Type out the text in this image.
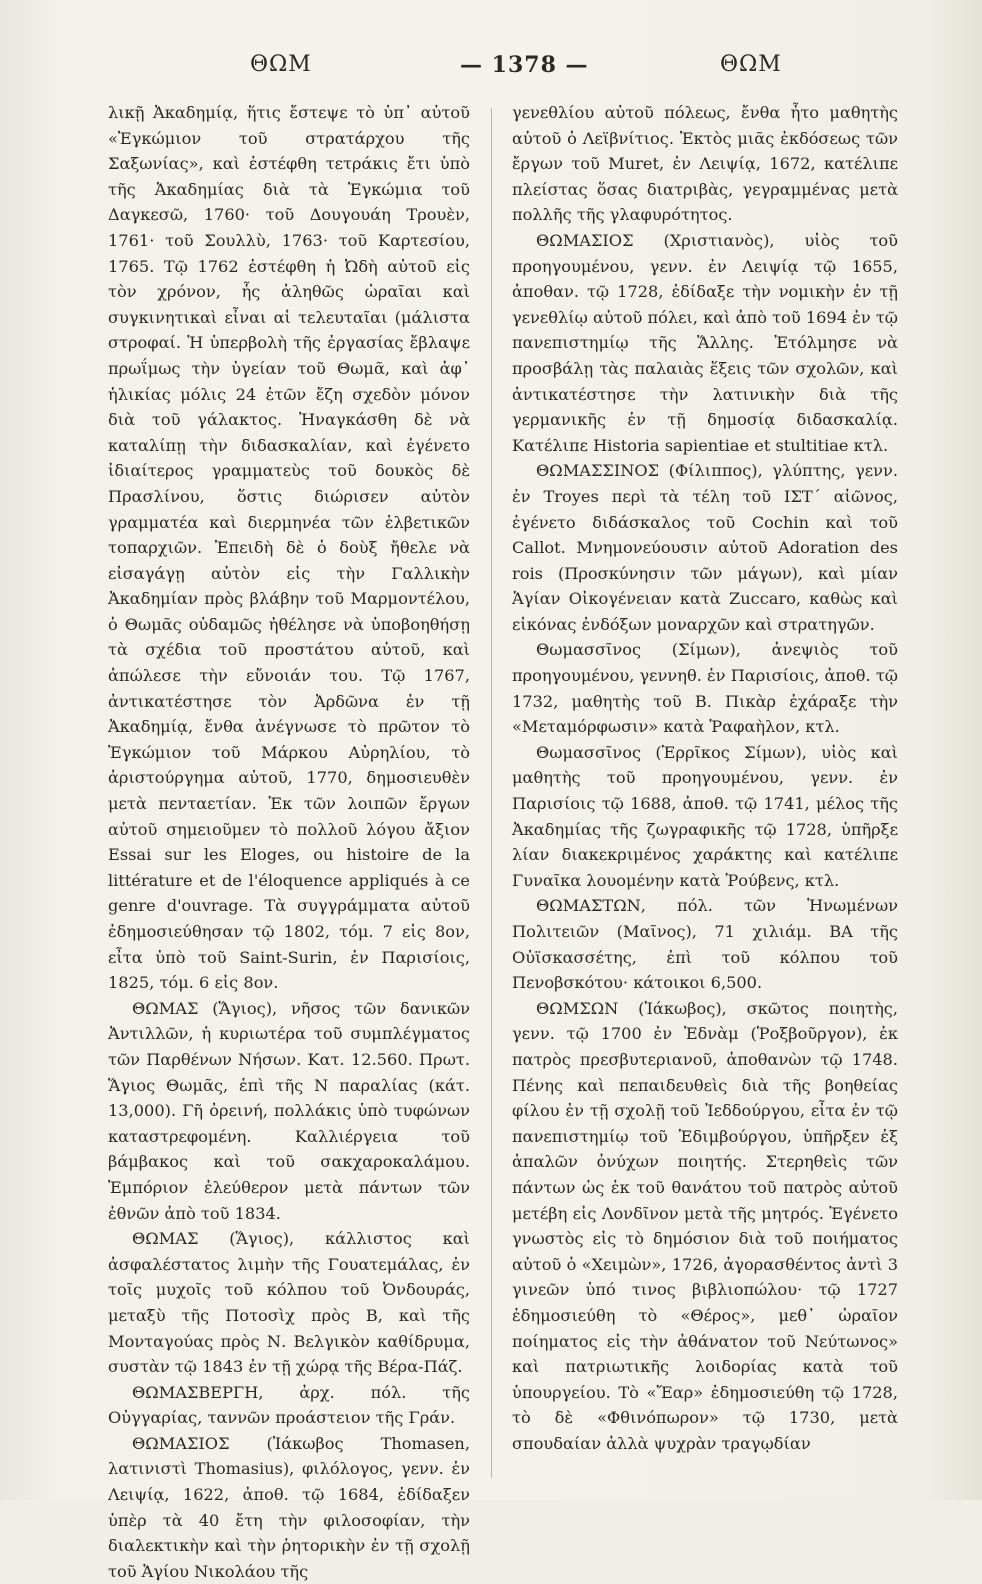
ΘΩΜ	— 1378 —	ΘΩΜ

λικῇ Ἀκαδημίᾳ, ἥτις ἔστεψε τὸ ὑπ᾽ αὐτοῦ «Ἐγκώμιον τοῦ στρατάρχου τῆς Σαξωνίας», καὶ ἐστέφθη τετράκις ἔτι ὑπὸ τῆς Ἀκαδημίας διὰ τὰ Ἐγκώμια τοῦ Δαγκεσῶ, 1760· τοῦ Δουγουάη Τρουὲν, 1761· τοῦ Σουλλὺ, 1763· τοῦ Καρτεσίου, 1765. Τῷ 1762 ἐστέφθη ἡ Ὠδὴ αὐτοῦ εἰς τὸν χρόνον, ἧς ἀληθῶς ὡραῖαι καὶ συγκινητικαὶ εἶναι αἱ τελευταῖαι (μάλιστα στροφαί. Ἡ ὑπερβολὴ τῆς ἐργασίας ἔβλαψε πρωΐμως τὴν ὑγείαν τοῦ Θωμᾶ, καὶ ἀφ᾽ ἡλικίας μόλις 24 ἐτῶν ἔζη σχεδὸν μόνον διὰ τοῦ γάλακτος. Ἠναγκάσθη δὲ νὰ καταλίπῃ τὴν διδασκαλίαν, καὶ ἐγένετο ἰδιαίτερος γραμματεὺς τοῦ δουκὸς δὲ Πρασλίνου, ὅστις διώρισεν αὐτὸν γραμματέα καὶ διερμηνέα τῶν ἑλβετικῶν τοπαρχιῶν. Ἐπειδὴ δὲ ὁ δοὺξ ἤθελε νὰ εἰσαγάγῃ αὐτὸν εἰς τὴν Γαλλικὴν Ἀκαδημίαν πρὸς βλάβην τοῦ Μαρμοντέλου, ὁ Θωμᾶς οὐδαμῶς ἠθέλησε νὰ ὑποβοηθήσῃ τὰ σχέδια τοῦ προστάτου αὐτοῦ, καὶ ἀπώλεσε τὴν εὔνοιάν του. Τῷ 1767, ἀντικατέστησε τὸν Ἀρδῶνα ἐν τῇ Ἀκαδημίᾳ, ἔνθα ἀνέγνωσε τὸ πρῶτον τὸ Ἐγκώμιον τοῦ Μάρκου Αὐρηλίου, τὸ ἀριστούργημα αὐτοῦ, 1770, δημοσιευθὲν μετὰ πενταετίαν. Ἐκ τῶν λοιπῶν ἔργων αὐτοῦ σημειοῦμεν τὸ πολλοῦ λόγου ἄξιον Essai sur les Eloges, ou histoire de la littérature et de l'éloquence appliqués à ce genre d'ouvrage. Τὰ συγγράμματα αὐτοῦ ἐδημοσιεύθησαν τῷ 1802, τόμ. 7 εἰς 8ον, εἶτα ὑπὸ τοῦ Saint-Surin, ἐν Παρισίοις, 1825, τόμ. 6 εἰς 8ον.

ΘΩΜΑΣ (Ἅγιος), νῆσος τῶν δανικῶν Ἀντιλλῶν, ἡ κυριωτέρα τοῦ συμπλέγματος τῶν Παρθένων Νήσων. Κατ. 12.560. Πρωτ. Ἅγιος Θωμᾶς, ἐπὶ τῆς Ν παραλίας (κάτ. 13,000). Γῆ ὀρεινή, πολλάκις ὑπὸ τυφώνων καταστρεφομένη. Καλλιέργεια τοῦ βάμβακος καὶ τοῦ σακχαροκαλάμου. Ἐμπόριον ἐλεύθερον μετὰ πάντων τῶν ἐθνῶν ἀπὸ τοῦ 1834.

ΘΩΜΑΣ (Ἅγιος), κάλλιστος καὶ ἀσφαλέστατος λιμὴν τῆς Γουατεμάλας, ἐν τοῖς μυχοῖς τοῦ κόλπου τοῦ Ὀνδουράς, μεταξὺ τῆς Ποτοσὶχ πρὸς Β, καὶ τῆς Μονταγούας πρὸς Ν. Βελγικὸν καθίδρυμα, συστὰν τῷ 1843 ἐν τῇ χώρᾳ τῆς Βέρα-Πάζ.

ΘΩΜΑΣΒΕΡΓΗ, ἀρχ. πόλ. τῆς Οὐγγαρίας, ταννῶν προάστειον τῆς Γράν.

ΘΩΜΑΣΙΟΣ (Ἰάκωβος Thomasen, λατινιστὶ Thomasius), φιλόλογος, γενν. ἐν Λειψίᾳ, 1622, ἀποθ. τῷ 1684, ἐδίδαξεν ὑπὲρ τὰ 40 ἔτη τὴν φιλοσοφίαν, τὴν διαλεκτικὴν καὶ τὴν ῥητορικὴν ἐν τῇ σχολῇ τοῦ Ἁγίου Νικολάου τῆς

γενεθλίου αὐτοῦ πόλεως, ἔνθα ἦτο μαθητὴς αὐτοῦ ὁ Λεϊβνίτιος. Ἐκτὸς μιᾶς ἐκδόσεως τῶν ἔργων τοῦ Muret, ἐν Λειψίᾳ, 1672, κατέλιπε πλείστας ὅσας διατριβὰς, γεγραμμένας μετὰ πολλῆς τῆς γλαφυρότητος.

ΘΩΜΑΣΙΟΣ (Χριστιανὸς), υἱὸς τοῦ προηγουμένου, γενν. ἐν Λειψίᾳ τῷ 1655, ἀποθαν. τῷ 1728, ἐδίδαξε τὴν νομικὴν ἐν τῇ γενεθλίῳ αὐτοῦ πόλει, καὶ ἀπὸ τοῦ 1694 ἐν τῷ πανεπιστημίῳ τῆς Ἅλλης. Ἐτόλμησε νὰ προσβάλῃ τὰς παλαιὰς ἕξεις τῶν σχολῶν, καὶ ἀντικατέστησε τὴν λατινικὴν διὰ τῆς γερμανικῆς ἐν τῇ δημοσίᾳ διδασκαλίᾳ. Κατέλιπε Historia sapientiae et stultitiae κτλ.

ΘΩΜΑΣΣΙΝΟΣ (Φίλιππος), γλύπτης, γενν. ἐν Troyes περὶ τὰ τέλη τοῦ ΙΣΤ΄ αἰῶνος, ἐγένετο διδάσκαλος τοῦ Cochin καὶ τοῦ Callot. Μνημονεύουσιν αὐτοῦ Adoration des rois (Προσκύνησιν τῶν μάγων), καὶ μίαν Ἁγίαν Οἰκογένειαν κατὰ Zuccaro, καθὼς καὶ εἰκόνας ἐνδόξων μοναρχῶν καὶ στρατηγῶν.

Θωμασσῖνος (Σίμων), ἀνεψιὸς τοῦ προηγουμένου, γεννηθ. ἐν Παρισίοις, ἀποθ. τῷ 1732, μαθητὴς τοῦ Β. Πικὰρ ἐχάραξε τὴν «Μεταμόρφωσιν» κατὰ Ῥαφαὴλον, κτλ.

Θωμασσῖνος (Ἐρρῖκος Σίμων), υἱὸς καὶ μαθητὴς τοῦ προηγουμένου, γενν. ἐν Παρισίοις τῷ 1688, ἀποθ. τῷ 1741, μέλος τῆς Ἀκαδημίας τῆς ζωγραφικῆς τῷ 1728, ὑπῆρξε λίαν διακεκριμένος χαράκτης καὶ κατέλιπε Γυναῖκα λουομένην κατὰ Ῥούβενς, κτλ.

ΘΩΜΑΣΤΩΝ, πόλ. τῶν Ἡνωμένων Πολιτειῶν (Μαῖνος), 71 χιλιάμ. ΒΑ τῆς Οὐϊσκασσέτης, ἐπὶ τοῦ κόλπου τοῦ Πενοβσκότου· κάτοικοι 6,500.

ΘΩΜΣΩΝ (Ἰάκωβος), σκῶτος ποιητὴς, γενν. τῷ 1700 ἐν Ἐδνὰμ (Ῥοξβοῦργον), ἐκ πατρὸς πρεσβυτεριανοῦ, ἀποθανὼν τῷ 1748. Πένης καὶ πεπαιδευθεὶς διὰ τῆς βοηθείας φίλου ἐν τῇ σχολῇ τοῦ Ἰεδδούργου, εἶτα ἐν τῷ πανεπιστημίῳ τοῦ Ἐδιμβούργου, ὑπῆρξεν ἐξ ἁπαλῶν ὀνύχων ποιητής. Στερηθεὶς τῶν πάντων ὡς ἐκ τοῦ θανάτου τοῦ πατρὸς αὐτοῦ μετέβη εἰς Λονδῖνον μετὰ τῆς μητρός. Ἐγένετο γνωστὸς εἰς τὸ δημόσιον διὰ τοῦ ποιήματος αὐτοῦ ὁ «Χειμὼν», 1726, ἀγορασθέντος ἀντὶ 3 γινεῶν ὑπό τινος βιβλιοπώλου· τῷ 1727 ἐδημοσιεύθη τὸ «Θέρος», μεθ᾽ ὡραῖον ποίηματος εἰς τὴν ἀθάνατον τοῦ Νεύτωνος» καὶ πατριωτικῆς λοιδορίας κατὰ τοῦ ὑπουργείου. Τὸ «Ἔαρ» ἐδημοσιεύθη τῷ 1728, τὸ δὲ «Φθινόπωρον» τῷ 1730, μετὰ σπουδαίαν ἀλλὰ ψυχρὰν τραγῳδίαν
